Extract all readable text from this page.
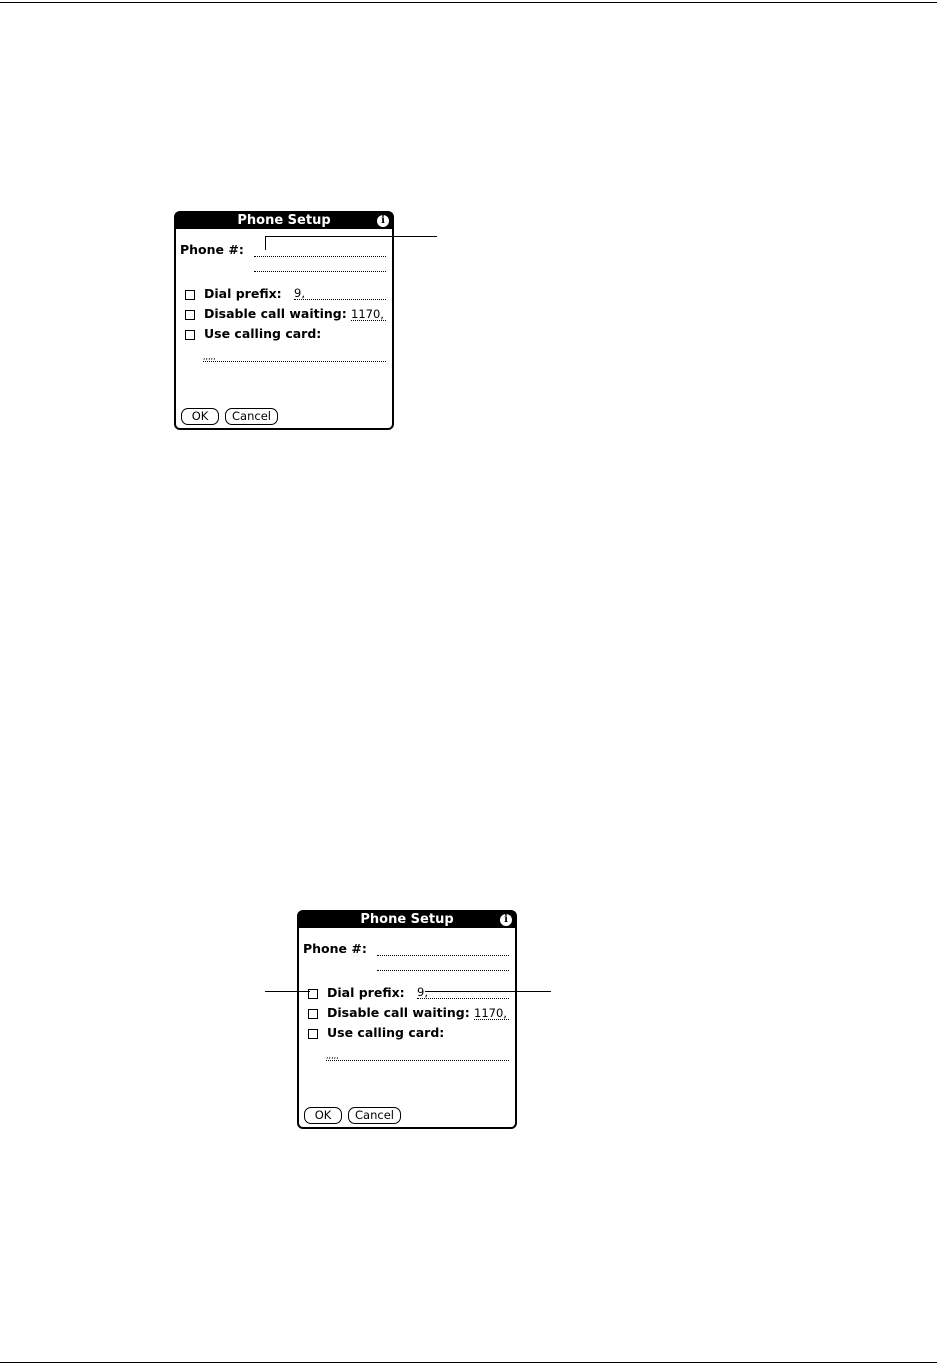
Phone Setup	i
Phone #:
Dial prefix: 9,
Disable call waiting: 1170,
Use calling card:
,,,,,
OK	Cancel
Phone Setup	i
Phone #:
Dial prefix: 9,
Disable call waiting: 1170,
Use calling card:
,,,,,
OK	Cancel
